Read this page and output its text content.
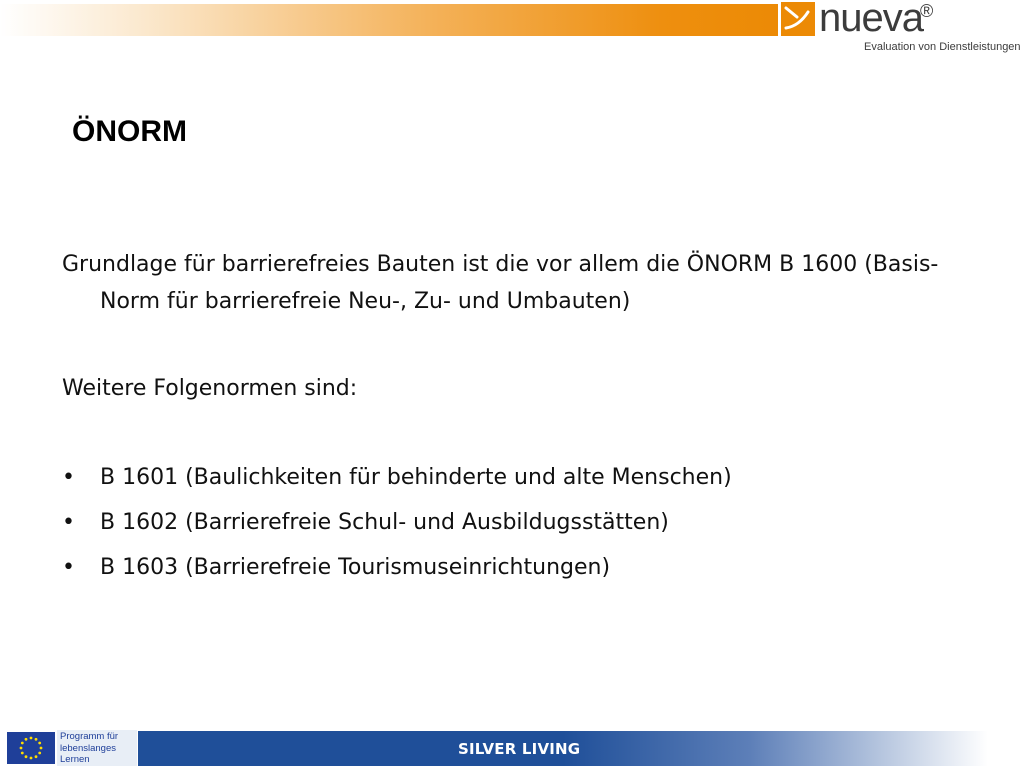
nueva
®
Evaluation von Dienstleistungen
ÖNORM

Grundlage für barrierefreies Bauten ist die vor allem die ÖNORM B 1600 (Basis-Norm für barrierefreie Neu-, Zu- und Umbauten)

Weitere Folgenormen sind:

• B 1601 (Baulichkeiten für behinderte und alte Menschen)
• B 1602 (Barrierefreie Schul- und Ausbildugsstätten)
• B 1603 (Barrierefreie Tourismuseinrichtungen)
Programm für
lebenslanges
Lernen
SILVER LIVING
